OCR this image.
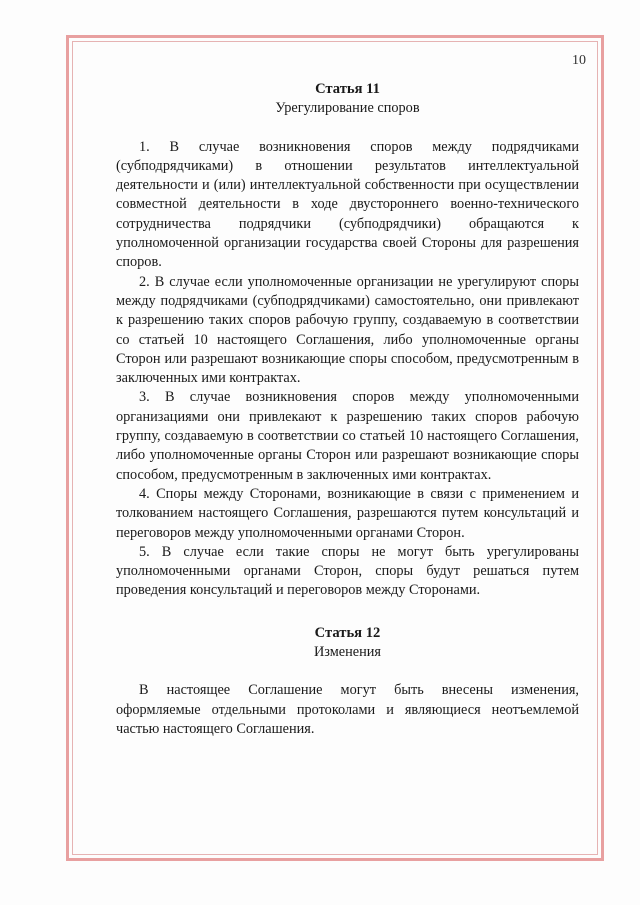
10

Статья 11

Урегулирование споров

1. В случае возникновения споров между подрядчиками (субподрядчиками) в отношении результатов интеллектуальной деятельности и (или) интеллектуальной собственности при осуществлении совместной деятельности в ходе двустороннего военно-технического сотрудничества подрядчики (субподрядчики) обращаются к уполномоченной организации государства своей Стороны для разрешения споров.

2. В случае если уполномоченные организации не урегулируют споры между подрядчиками (субподрядчиками) самостоятельно, они привлекают к разрешению таких споров рабочую группу, создаваемую в соответствии со статьей 10 настоящего Соглашения, либо уполномоченные органы Сторон или разрешают возникающие споры способом, предусмотренным в заключенных ими контрактах.

3. В случае возникновения споров между уполномоченными организациями они привлекают к разрешению таких споров рабочую группу, создаваемую в соответствии со статьей 10 настоящего Соглашения, либо уполномоченные органы Сторон или разрешают возникающие споры способом, предусмотренным в заключенных ими контрактах.

4. Споры между Сторонами, возникающие в связи с применением и толкованием настоящего Соглашения, разрешаются путем консультаций и переговоров между уполномоченными органами Сторон.

5. В случае если такие споры не могут быть урегулированы уполномоченными органами Сторон, споры будут решаться путем проведения консультаций и переговоров между Сторонами.

Статья 12

Изменения

В настоящее Соглашение могут быть внесены изменения, оформляемые отдельными протоколами и являющиеся неотъемлемой частью настоящего Соглашения.
